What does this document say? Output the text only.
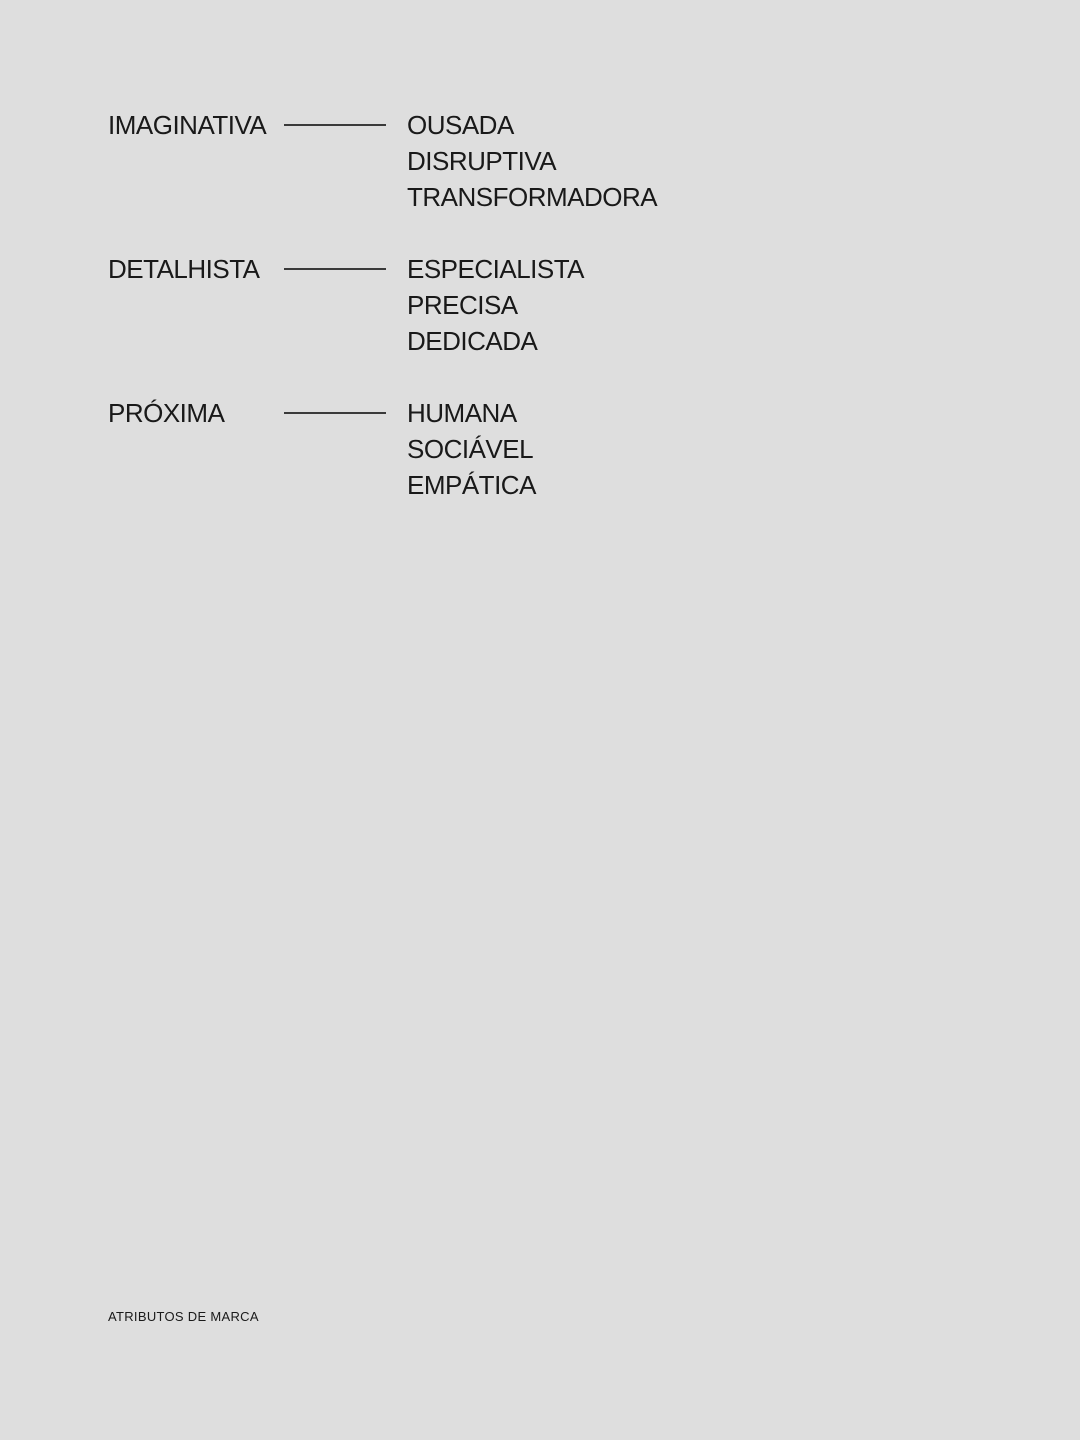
IMAGINATIVA	OUSADA
DISRUPTIVA
TRANSFORMADORA
DETALHISTA	ESPECIALISTA
PRECISA
DEDICADA
PRÓXIMA	HUMANA
SOCIÁVEL
EMPÁTICA
ATRIBUTOS DE MARCA
